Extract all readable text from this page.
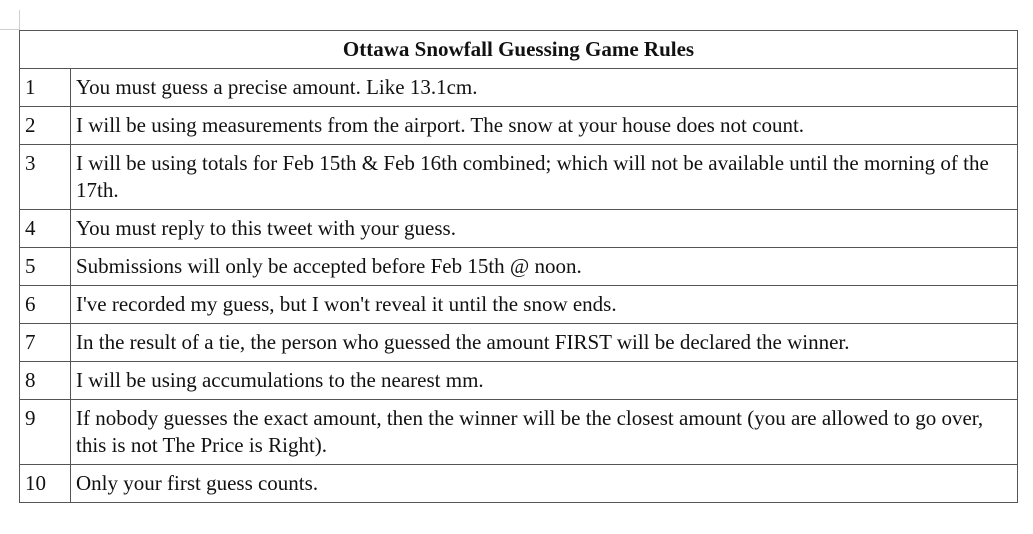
Ottawa Snowfall Guessing Game Rules	
1	You must guess a precise amount. Like 13.1cm.
2	I will be using measurements from the airport. The snow at your house does not count.
3	I will be using totals for Feb 15th & Feb 16th combined; which will not be available until the morning of the 17th.
4	You must reply to this tweet with your guess.
5	Submissions will only be accepted before Feb 15th @ noon.
6	I've recorded my guess, but I won't reveal it until the snow ends.
7	In the result of a tie, the person who guessed the amount FIRST will be declared the winner.
8	I will be using accumulations to the nearest mm.
9	If nobody guesses the exact amount, then the winner will be the closest amount (you are allowed to go over, this is not The Price is Right).
10	Only your first guess counts.
